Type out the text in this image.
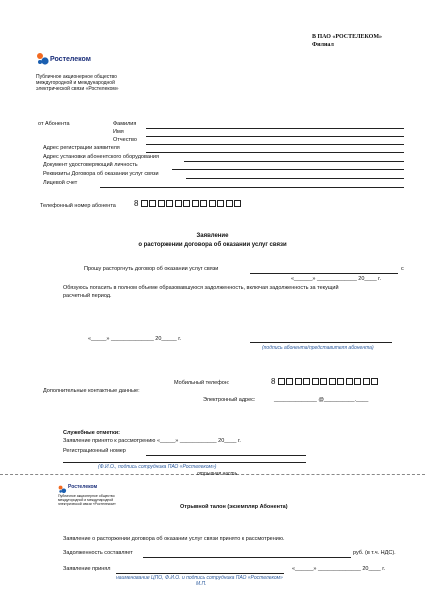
В ПАО «РОСТЕЛЕКОМ»
Филиал
Ростелеком
Публичное акционерное общество
междугородной и международной
электрической связи «Ростелеком»
от Абонента	Фамилия
Имя
Отчество
Адрес регистрации заявителя
Адрес установки абонентского оборудования
Документ удостоверяющий личность
Реквизиты Договора об оказании услуг связи
Лицевой счет
Телефонный номер абонента 8
Заявление
о расторжении договора об оказании услуг связи
Прошу расторгнуть договор об оказании услуг связи	с
«______» _____________ 20____ г.
Обязуюсь погасить в полном объеме образовавшуюся задолженность, включая задолженность за текущий
расчетный период.
«_____» ______________ 20_____ г.
(подпись абонента/представителя абонента)
Мобильный телефон:	8
Дополнительные контактные данные:
Электронный адрес:	______________ @__________.____
Служебные отметки:
Заявление принято к рассмотрению «_____» ____________ 20____ г.
Регистрационный номер
(Ф.И.О., подпись сотрудника ПАО «Ростелеком»)
отрывная часть
Ростелеком
Публичное акционерное общество
междугородной и международной
электрической связи «Ростелеком»	Отрывной талон (экземпляр Абонента)
Заявление о расторжении договора об оказании услуг связи принято к рассмотрению.
Задолженность составляет	руб. (в т.ч. НДС).
Заявление принял	«______» ______________ 20____ г.
наименование ЦПО, Ф.И.О. и подпись сотрудника ПАО «Ростелеком»
М.П.
